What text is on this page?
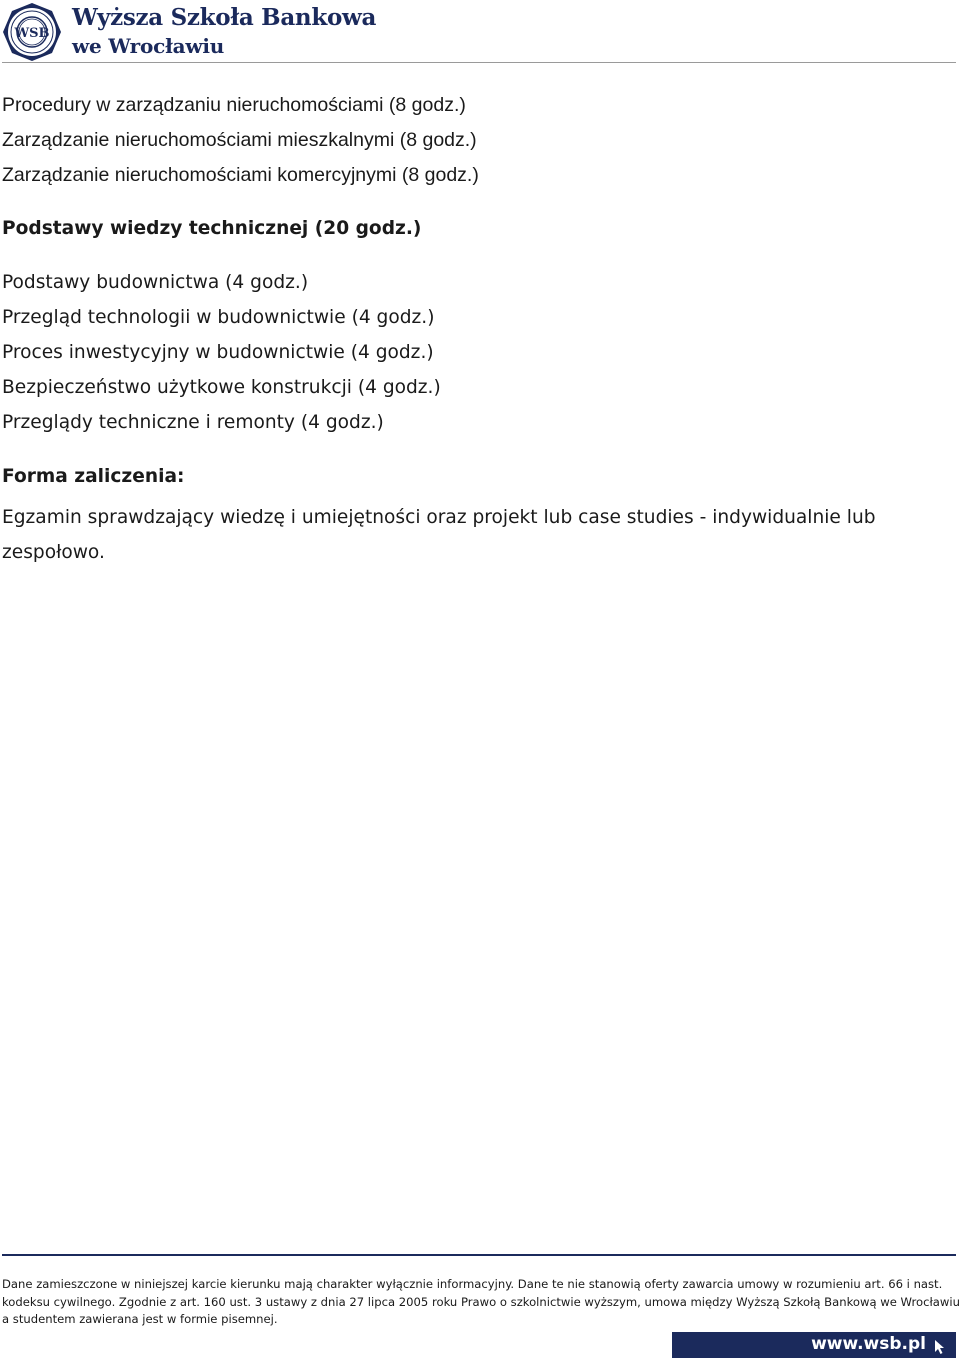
WSB
Wyższa Szkoła Bankowa
we Wrocławiu
Procedury w zarządzaniu nieruchomościami (8 godz.)
Zarządzanie nieruchomościami mieszkalnymi (8 godz.)
Zarządzanie nieruchomościami komercyjnymi (8 godz.)
Podstawy wiedzy technicznej (20 godz.)
Podstawy budownictwa (4 godz.)
Przegląd technologii w budownictwie (4 godz.)
Proces inwestycyjny w budownictwie (4 godz.)
Bezpieczeństwo użytkowe konstrukcji (4 godz.)
Przeglądy techniczne i remonty (4 godz.)
Forma zaliczenia:
Egzamin sprawdzający wiedzę i umiejętności oraz projekt lub case studies - indywidualnie lub zespołowo.
Dane zamieszczone w niniejszej karcie kierunku mają charakter wyłącznie informacyjny. Dane te nie stanowią oferty zawarcia umowy w rozumieniu art. 66 i nast.
kodeksu cywilnego. Zgodnie z art. 160 ust. 3 ustawy z dnia 27 lipca 2005 roku Prawo o szkolnictwie wyższym, umowa między Wyższą Szkołą Bankową we Wrocławiu
a studentem zawierana jest w formie pisemnej.
www.wsb.pl
